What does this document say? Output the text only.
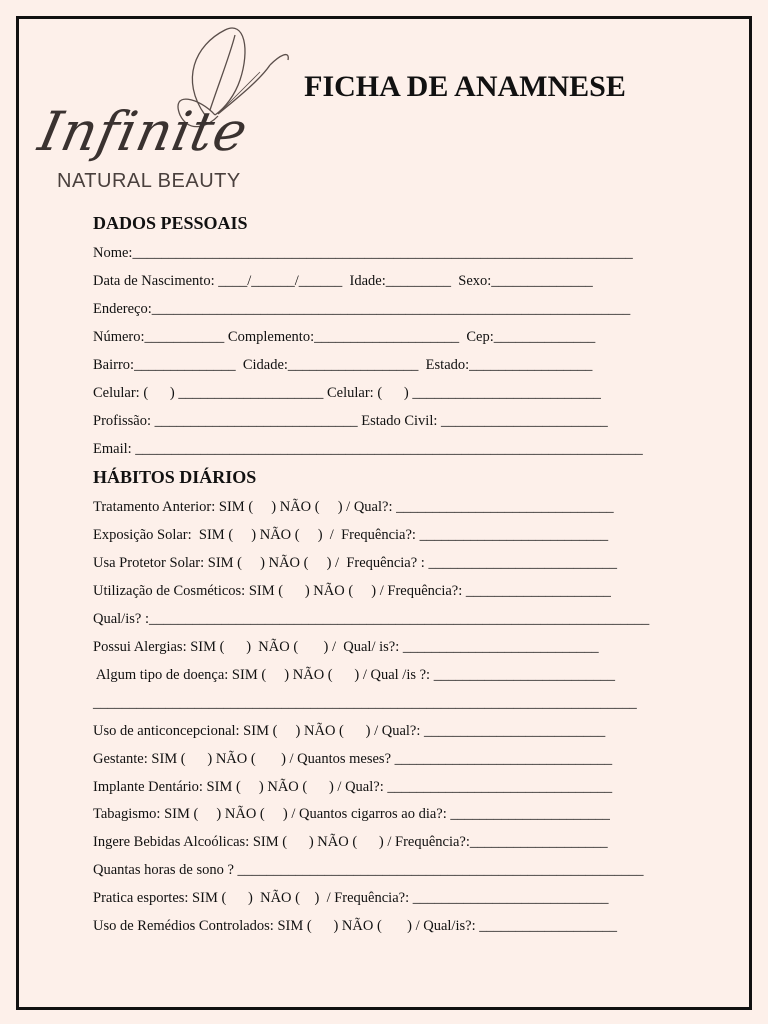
Infinite
NATURAL BEAUTY
FICHA DE ANAMNESE
DADOS PESSOAIS
Nome:_____________________________________________________________________
Data de Nascimento: ____/______/______  Idade:_________  Sexo:______________
Endereço:__________________________________________________________________
Número:___________ Complemento:____________________  Cep:______________
Bairro:______________  Cidade:__________________  Estado:_________________
Celular: (      ) ____________________ Celular: (      ) __________________________
Profissão: ____________________________ Estado Civil: _______________________
Email: ______________________________________________________________________
HÁBITOS DIÁRIOS
Tratamento Anterior: SIM (     ) NÃO (     ) / Qual?: ______________________________
Exposição Solar:  SIM (     ) NÃO (     )  /  Frequência?: __________________________
Usa Protetor Solar: SIM (     ) NÃO (     ) /  Frequência? : __________________________
Utilização de Cosméticos: SIM (      ) NÃO (     ) / Frequência?: ____________________
Qual/is? :_____________________________________________________________________
Possui Alergias: SIM (      )  NÃO (       ) /  Qual/ is?: ___________________________
Algum tipo de doença: SIM (     ) NÃO (      ) / Qual /is ?: _________________________
___________________________________________________________________________
Uso de anticoncepcional: SIM (     ) NÃO (      ) / Qual?: _________________________
Gestante: SIM (      ) NÃO (       ) / Quantos meses? ______________________________
Implante Dentário: SIM (     ) NÃO (      ) / Qual?: _______________________________
Tabagismo: SIM (     ) NÃO (     ) / Quantos cigarros ao dia?: ______________________
Ingere Bebidas Alcoólicas: SIM (      ) NÃO (      ) / Frequência?:___________________
Quantas horas de sono ? ________________________________________________________
Pratica esportes: SIM (      )  NÃO (    )  / Frequência?: ___________________________
Uso de Remédios Controlados: SIM (      ) NÃO (       ) / Qual/is?: ___________________
